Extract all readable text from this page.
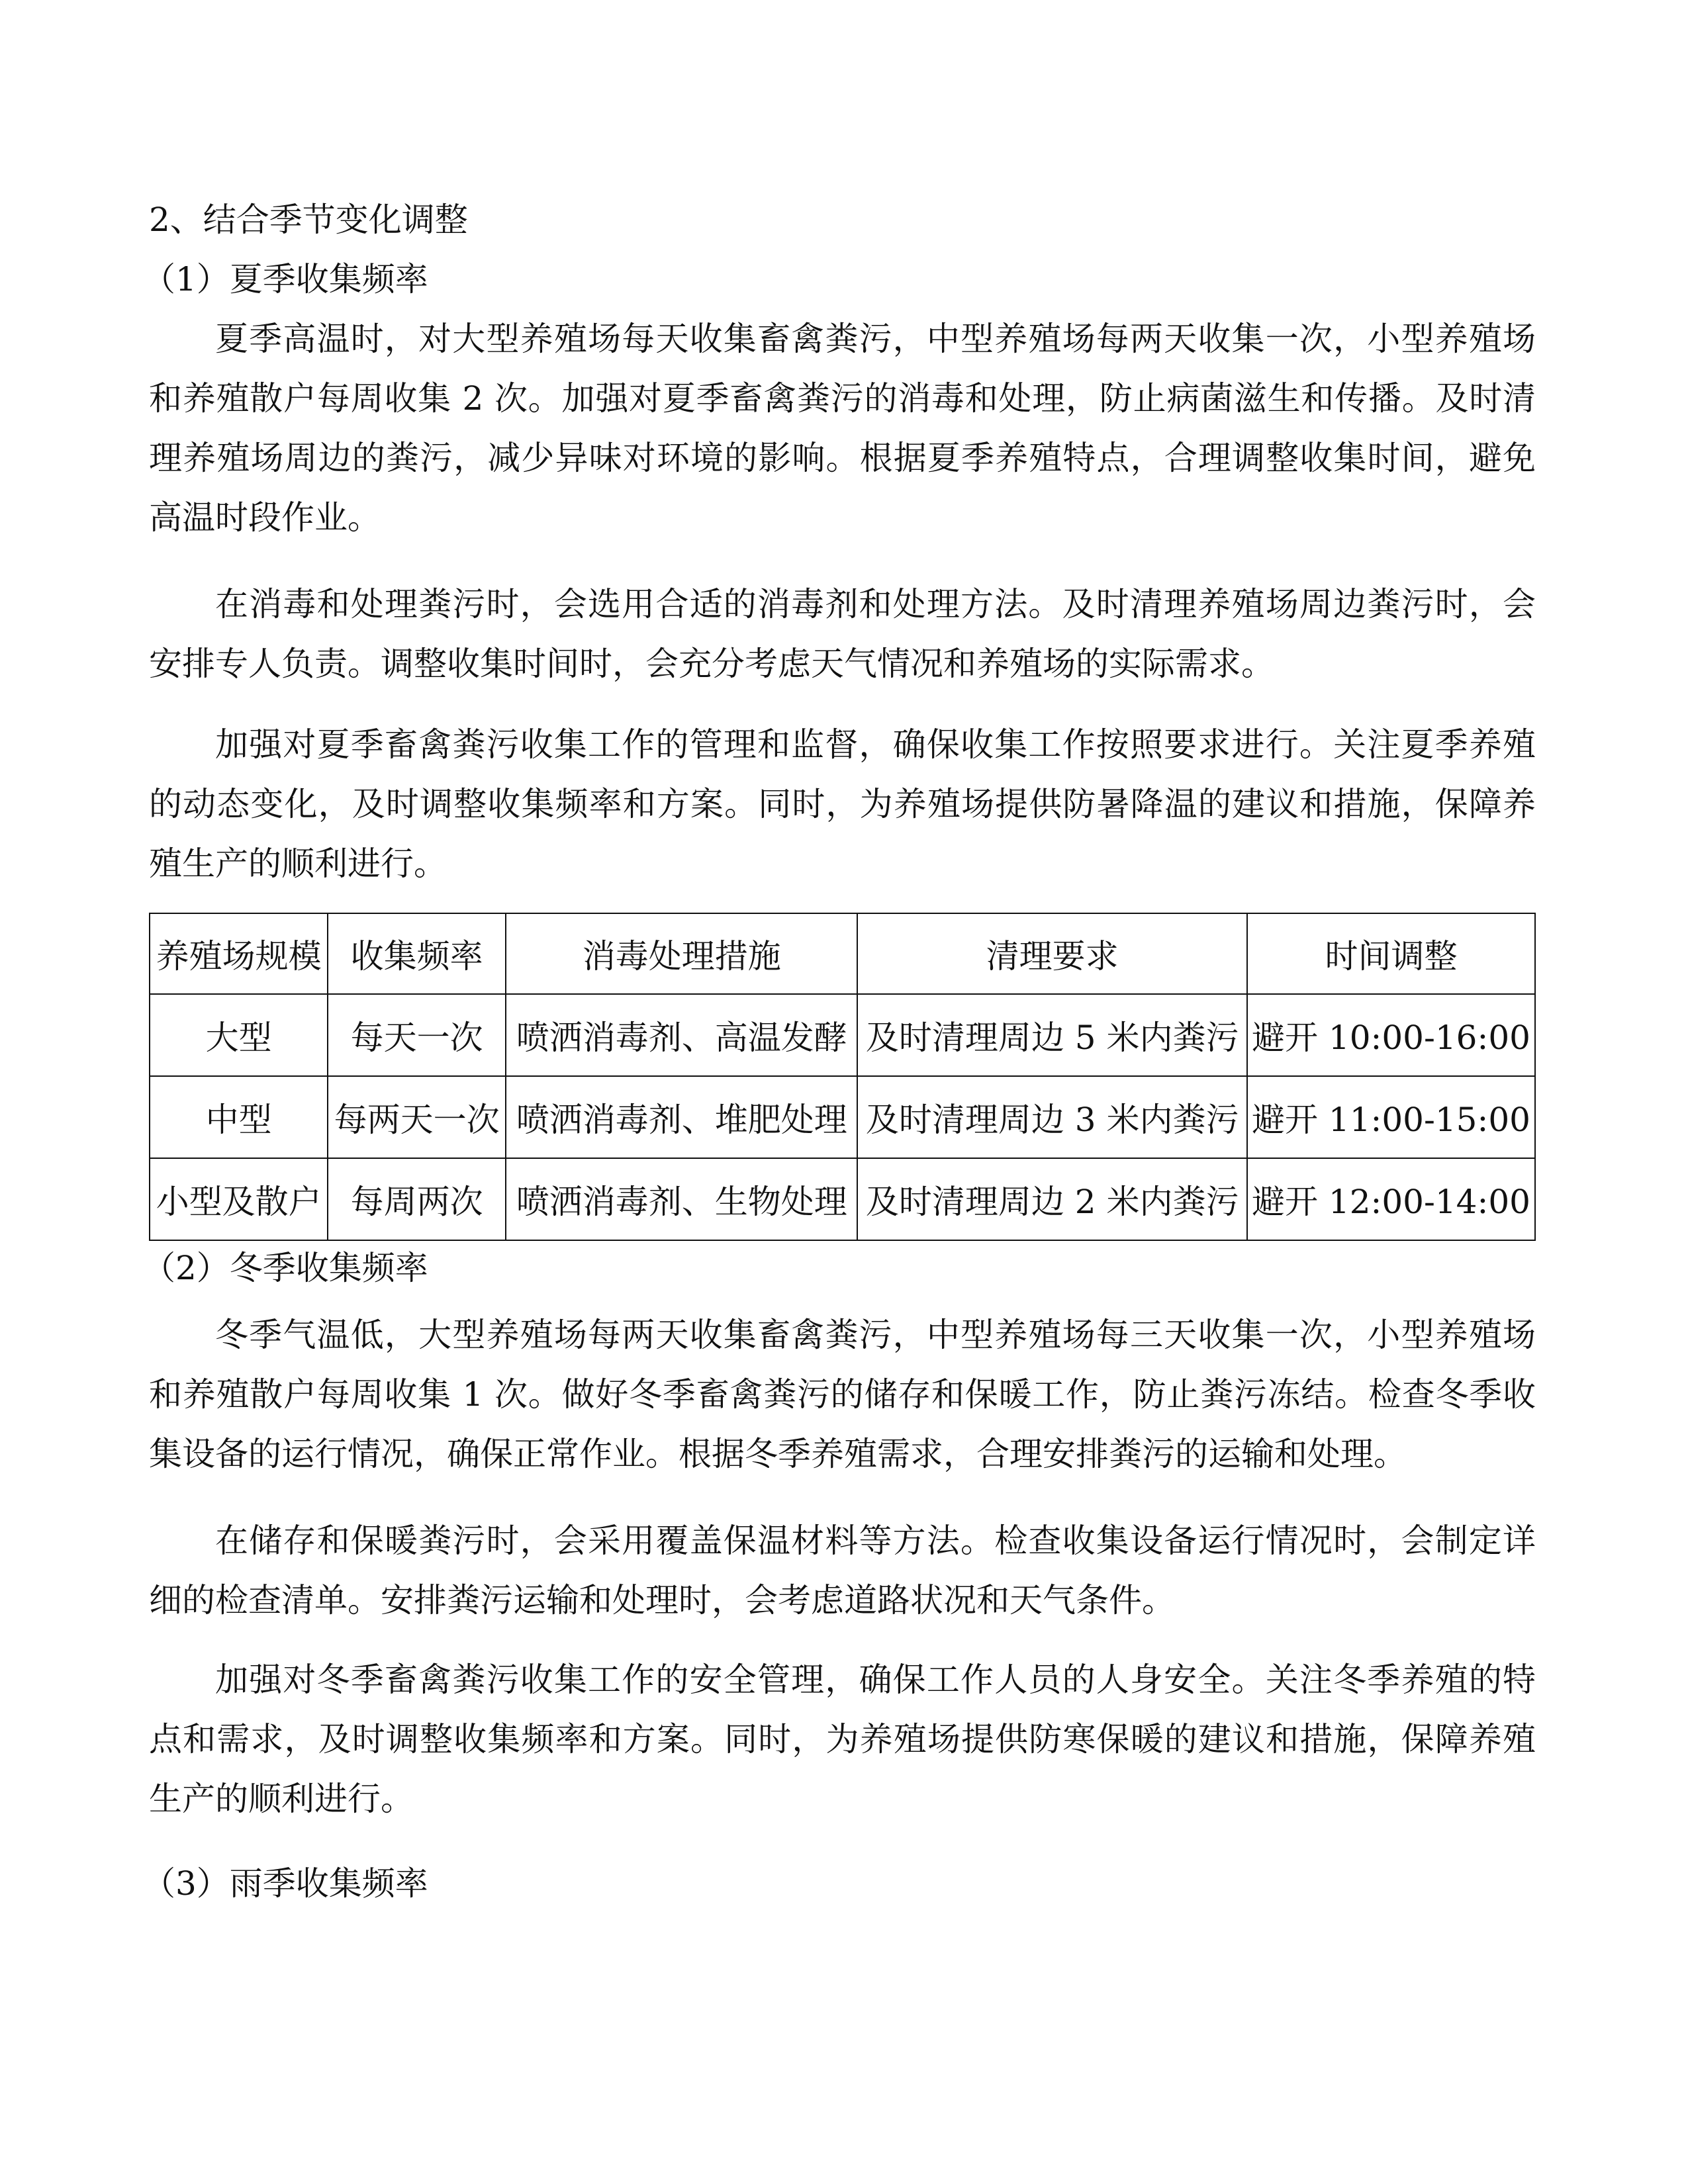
2、结合季节变化调整
（1）夏季收集频率
夏季高温时，对大型养殖场每天收集畜禽粪污，中型养殖场每两天收集一次，小型养殖场和养殖散户每周收集 2 次。加强对夏季畜禽粪污的消毒和处理，防止病菌滋生和传播。及时清理养殖场周边的粪污，减少异味对环境的影响。根据夏季养殖特点，合理调整收集时间，避免高温时段作业。
在消毒和处理粪污时，会选用合适的消毒剂和处理方法。及时清理养殖场周边粪污时，会安排专人负责。调整收集时间时，会充分考虑天气情况和养殖场的实际需求。
加强对夏季畜禽粪污收集工作的管理和监督，确保收集工作按照要求进行。关注夏季养殖的动态变化，及时调整收集频率和方案。同时，为养殖场提供防暑降温的建议和措施，保障养殖生产的顺利进行。
养殖场规模	收集频率	消毒处理措施	清理要求	时间调整
大型	每天一次	喷洒消毒剂、高温发酵	及时清理周边 5 米内粪污	避开 10:00-16:00
中型	每两天一次	喷洒消毒剂、堆肥处理	及时清理周边 3 米内粪污	避开 11:00-15:00
小型及散户	每周两次	喷洒消毒剂、生物处理	及时清理周边 2 米内粪污	避开 12:00-14:00
（2）冬季收集频率
冬季气温低，大型养殖场每两天收集畜禽粪污，中型养殖场每三天收集一次，小型养殖场和养殖散户每周收集 1 次。做好冬季畜禽粪污的储存和保暖工作，防止粪污冻结。检查冬季收集设备的运行情况，确保正常作业。根据冬季养殖需求，合理安排粪污的运输和处理。
在储存和保暖粪污时，会采用覆盖保温材料等方法。检查收集设备运行情况时，会制定详细的检查清单。安排粪污运输和处理时，会考虑道路状况和天气条件。
加强对冬季畜禽粪污收集工作的安全管理，确保工作人员的人身安全。关注冬季养殖的特点和需求，及时调整收集频率和方案。同时，为养殖场提供防寒保暖的建议和措施，保障养殖生产的顺利进行。
（3）雨季收集频率
